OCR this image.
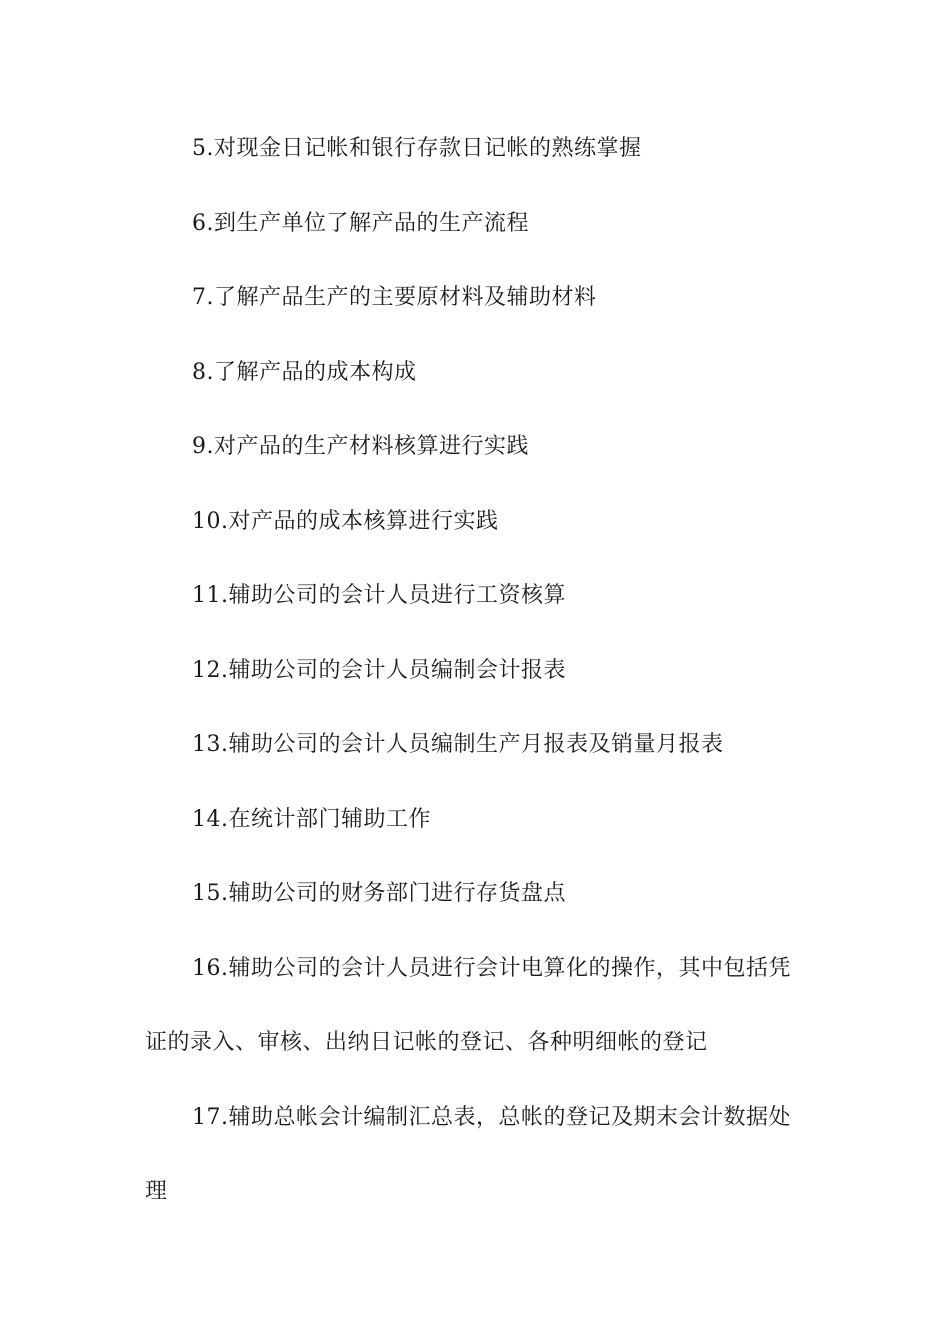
5.对现金日记帐和银行存款日记帐的熟练掌握

6.到生产单位了解产品的生产流程

7.了解产品生产的主要原材料及辅助材料

8.了解产品的成本构成

9.对产品的生产材料核算进行实践

10.对产品的成本核算进行实践

11.辅助公司的会计人员进行工资核算

12.辅助公司的会计人员编制会计报表

13.辅助公司的会计人员编制生产月报表及销量月报表

14.在统计部门辅助工作

15.辅助公司的财务部门进行存货盘点

16.辅助公司的会计人员进行会计电算化的操作，其中包括凭证的录入、审核、出纳日记帐的登记、各种明细帐的登记

17.辅助总帐会计编制汇总表，总帐的登记及期末会计数据处理
